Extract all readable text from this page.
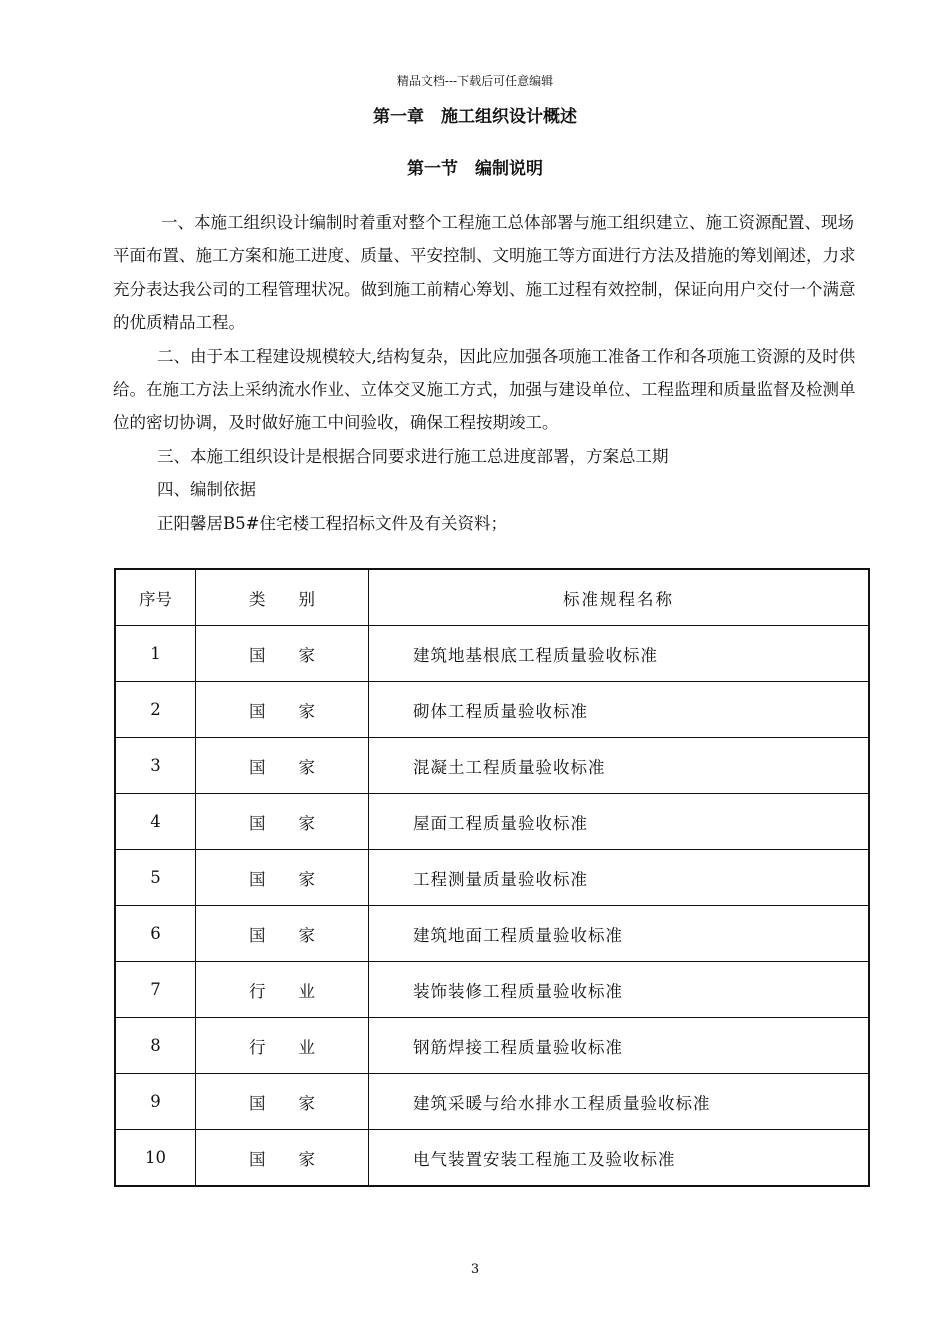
精品文档---下载后可任意编辑
第一章　施工组织设计概述
第一节　编制说明

一、本施工组织设计编制时着重对整个工程施工总体部署与施工组织建立、施工资源配置、现场平面布置、施工方案和施工进度、质量、平安控制、文明施工等方面进行方法及措施的筹划阐述，力求充分表达我公司的工程管理状况。做到施工前精心筹划、施工过程有效控制，保证向用户交付一个满意的优质精品工程。

二、由于本工程建设规模较大,结构复杂，因此应加强各项施工准备工作和各项施工资源的及时供给。在施工方法上采纳流水作业、立体交叉施工方式，加强与建设单位、工程监理和质量监督及检测单位的密切协调，及时做好施工中间验收，确保工程按期竣工。

三、本施工组织设计是根据合同要求进行施工总进度部署，方案总工期

四、编制依据

正阳馨居B5#住宅楼工程招标文件及有关资料；

序号	类　　别	标准规程名称
1	国　　家	建筑地基根底工程质量验收标准
2	国　　家	砌体工程质量验收标准
3	国　　家	混凝土工程质量验收标准
4	国　　家	屋面工程质量验收标准
5	国　　家	工程测量质量验收标准
6	国　　家	建筑地面工程质量验收标准
7	行　　业	装饰装修工程质量验收标准
8	行　　业	钢筋焊接工程质量验收标准
9	国　　家	建筑采暖与给水排水工程质量验收标准
10	国　　家	电气装置安装工程施工及验收标准
3
